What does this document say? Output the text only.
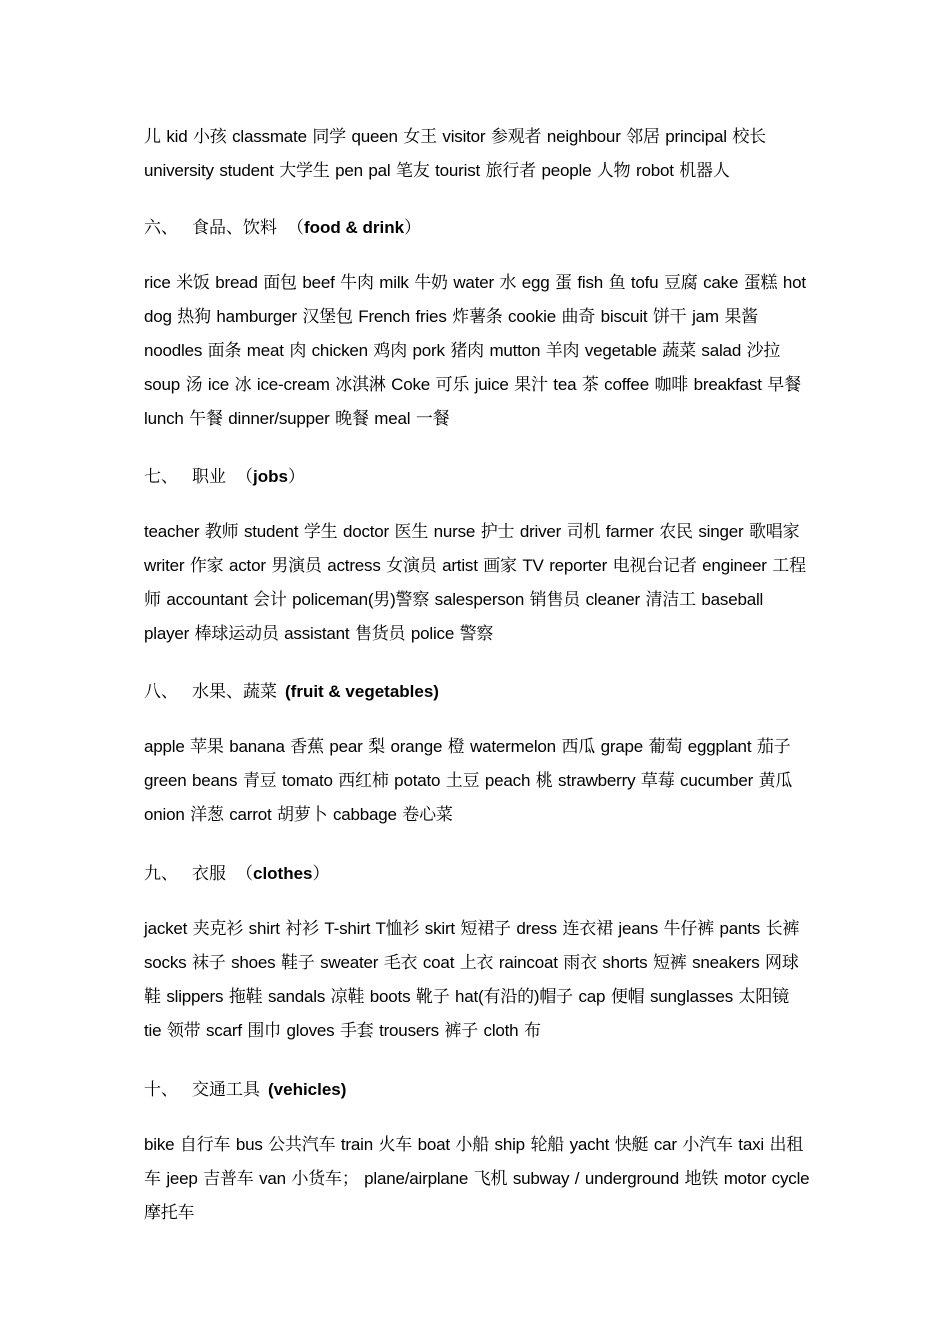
儿 kid 小孩 classmate 同学 queen 女王 visitor 参观者 neighbour 邻居 principal 校长 university student 大学生 pen pal 笔友 tourist 旅行者 people 人物 robot 机器人
六、 食品、饮料 （food & drink）
rice 米饭 bread 面包 beef 牛肉 milk 牛奶 water 水 egg 蛋 fish 鱼 tofu 豆腐 cake 蛋糕 hot dog 热狗 hamburger 汉堡包 French fries 炸薯条 cookie 曲奇 biscuit 饼干 jam 果酱 noodles 面条 meat 肉 chicken 鸡肉 pork 猪肉 mutton 羊肉 vegetable 蔬菜 salad 沙拉 soup 汤 ice 冰 ice-cream 冰淇淋 Coke 可乐 juice 果汁 tea 茶 coffee 咖啡 breakfast 早餐 lunch 午餐 dinner/supper 晚餐 meal 一餐
七、 职业 （jobs）
teacher 教师 student 学生 doctor 医生 nurse 护士 driver 司机 farmer 农民 singer 歌唱家 writer 作家 actor 男演员 actress 女演员 artist 画家 TV reporter 电视台记者 engineer 工程师 accountant 会计 policeman(男)警察 salesperson 销售员 cleaner 清洁工 baseball player 棒球运动员 assistant 售货员 police 警察
八、 水果、蔬菜 (fruit & vegetables)
apple 苹果 banana 香蕉 pear 梨 orange 橙 watermelon 西瓜 grape 葡萄 eggplant 茄子 green beans 青豆 tomato 西红柿 potato 土豆 peach 桃 strawberry 草莓 cucumber 黄瓜 onion 洋葱 carrot 胡萝卜 cabbage 卷心菜
九、 衣服 （clothes）
jacket 夹克衫 shirt 衬衫 T-shirt T恤衫 skirt 短裙子 dress 连衣裙 jeans 牛仔裤 pants 长裤 socks 袜子 shoes 鞋子 sweater 毛衣 coat 上衣 raincoat 雨衣 shorts 短裤 sneakers 网球鞋 slippers 拖鞋 sandals 凉鞋 boots 靴子 hat(有沿的)帽子 cap 便帽 sunglasses 太阳镜 tie 领带 scarf 围巾 gloves 手套 trousers 裤子 cloth 布
十、 交通工具 (vehicles)
bike 自行车 bus 公共汽车 train 火车 boat 小船 ship 轮船 yacht 快艇 car 小汽车 taxi 出租车 jeep 吉普车 van 小货车； plane/airplane 飞机 subway / underground 地铁 motor cycle 摩托车
